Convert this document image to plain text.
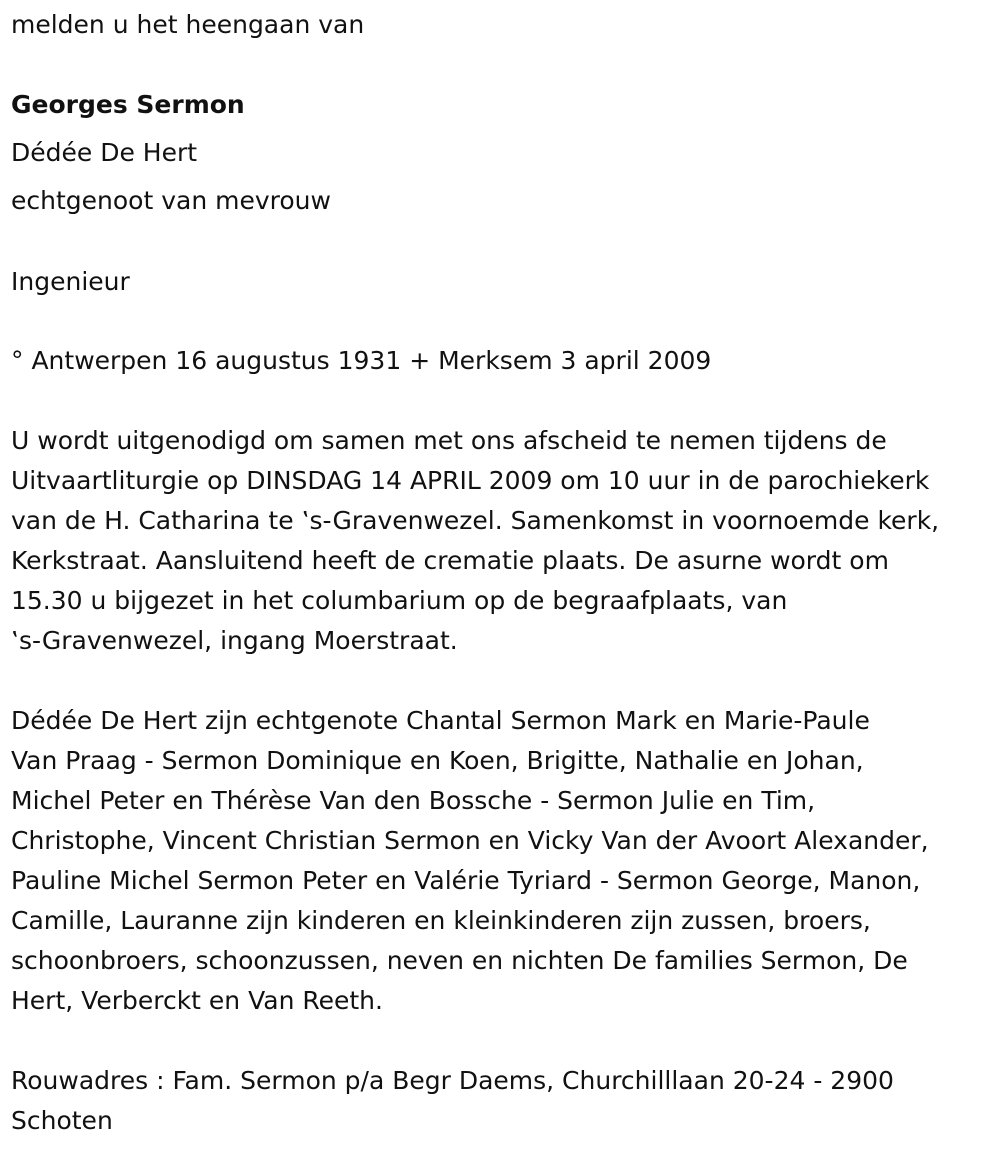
melden u het heengaan van

Georges Sermon

Dédée De Hert

echtgenoot van mevrouw

Ingenieur

° Antwerpen 16 augustus 1931 + Merksem 3 april 2009

U wordt uitgenodigd om samen met ons afscheid te nemen tijdens de

Uitvaartliturgie op DINSDAG 14 APRIL 2009 om 10 uur in de parochiekerk

van de H. Catharina te ‛s-Gravenwezel. Samenkomst in voornoemde kerk,

Kerkstraat. Aansluitend heeft de crematie plaats. De asurne wordt om

15.30 u bijgezet in het columbarium op de begraafplaats, van

‛s-Gravenwezel, ingang Moerstraat.

Dédée De Hert zijn echtgenote Chantal Sermon Mark en Marie-Paule

Van Praag - Sermon Dominique en Koen, Brigitte, Nathalie en Johan,

Michel Peter en Thérèse Van den Bossche - Sermon Julie en Tim,

Christophe, Vincent Christian Sermon en Vicky Van der Avoort Alexander,

Pauline Michel Sermon Peter en Valérie Tyriard - Sermon George, Manon,

Camille, Lauranne zijn kinderen en kleinkinderen zijn zussen, broers,

schoonbroers, schoonzussen, neven en nichten De families Sermon, De

Hert, Verberckt en Van Reeth.

Rouwadres : Fam. Sermon p/a Begr Daems, Churchilllaan 20-24 - 2900

Schoten
